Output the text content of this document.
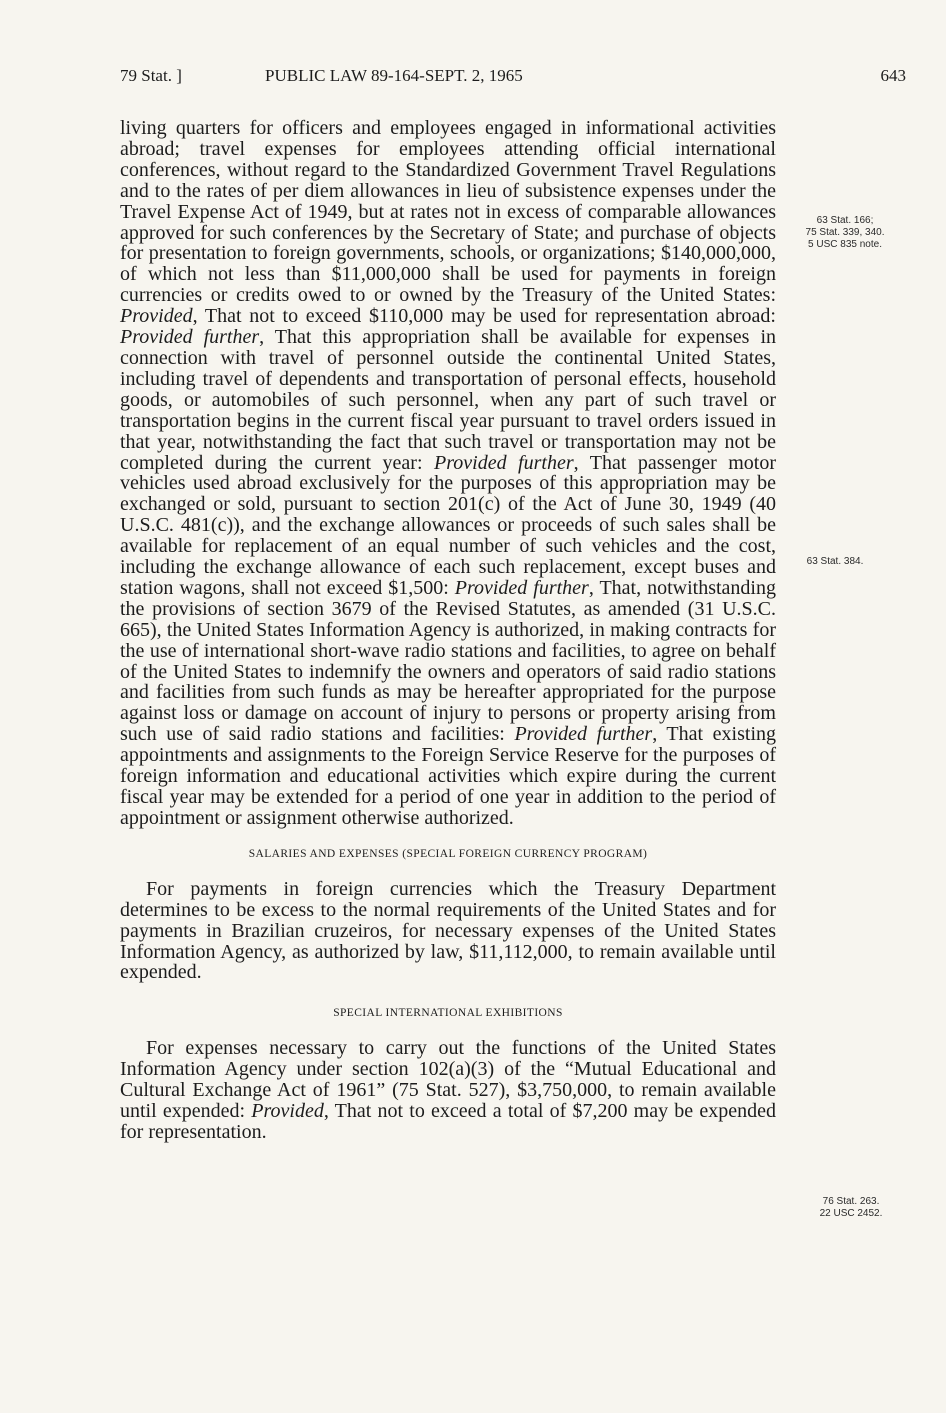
79 Stat. ]	PUBLIC LAW 89-164-SEPT. 2, 1965	643

living quarters for officers and employees engaged in informational activities abroad; travel expenses for employees attending official international conferences, without regard to the Standardized Government Travel Regulations and to the rates of per diem allowances in lieu of subsistence expenses under the Travel Expense Act of 1949, but at rates not in excess of comparable allowances approved for such conferences by the Secretary of State; and purchase of objects for presentation to foreign governments, schools, or organizations; $140,000,000, of which not less than $11,000,000 shall be used for payments in foreign currencies or credits owed to or owned by the Treasury of the United States: Provided, That not to exceed $110,000 may be used for representation abroad: Provided further, That this appropriation shall be available for expenses in connection with travel of personnel outside the continental United States, including travel of dependents and transportation of personal effects, household goods, or automobiles of such personnel, when any part of such travel or transportation begins in the current fiscal year pursuant to travel orders issued in that year, notwithstanding the fact that such travel or transportation may not be completed during the current year: Provided further, That passenger motor vehicles used abroad exclusively for the purposes of this appropriation may be exchanged or sold, pursuant to section 201(c) of the Act of June 30, 1949 (40 U.S.C. 481(c)), and the exchange allowances or proceeds of such sales shall be available for replacement of an equal number of such vehicles and the cost, including the exchange allowance of each such replacement, except buses and station wagons, shall not exceed $1,500: Provided further, That, notwithstanding the provisions of section 3679 of the Revised Statutes, as amended (31 U.S.C. 665), the United States Information Agency is authorized, in making contracts for the use of international short-wave radio stations and facilities, to agree on behalf of the United States to indemnify the owners and operators of said radio stations and facilities from such funds as may be hereafter appropriated for the purpose against loss or damage on account of injury to persons or property arising from such use of said radio stations and facilities: Provided further, That existing appointments and assignments to the Foreign Service Reserve for the purposes of foreign information and educational activities which expire during the current fiscal year may be extended for a period of one year in addition to the period of appointment or assignment otherwise authorized.

SALARIES AND EXPENSES (SPECIAL FOREIGN CURRENCY PROGRAM)

For payments in foreign currencies which the Treasury Department determines to be excess to the normal requirements of the United States and for payments in Brazilian cruzeiros, for necessary expenses of the United States Information Agency, as authorized by law, $11,112,000, to remain available until expended.

SPECIAL INTERNATIONAL EXHIBITIONS

For expenses necessary to carry out the functions of the United States Information Agency under section 102(a)(3) of the “Mutual Educational and Cultural Exchange Act of 1961” (75 Stat. 527), $3,750,000, to remain available until expended: Provided, That not to exceed a total of $7,200 may be expended for representation.

63 Stat. 166;
75 Stat. 339, 340.
5 USC 835 note.
63 Stat. 384.
76 Stat. 263.
22 USC 2452.
